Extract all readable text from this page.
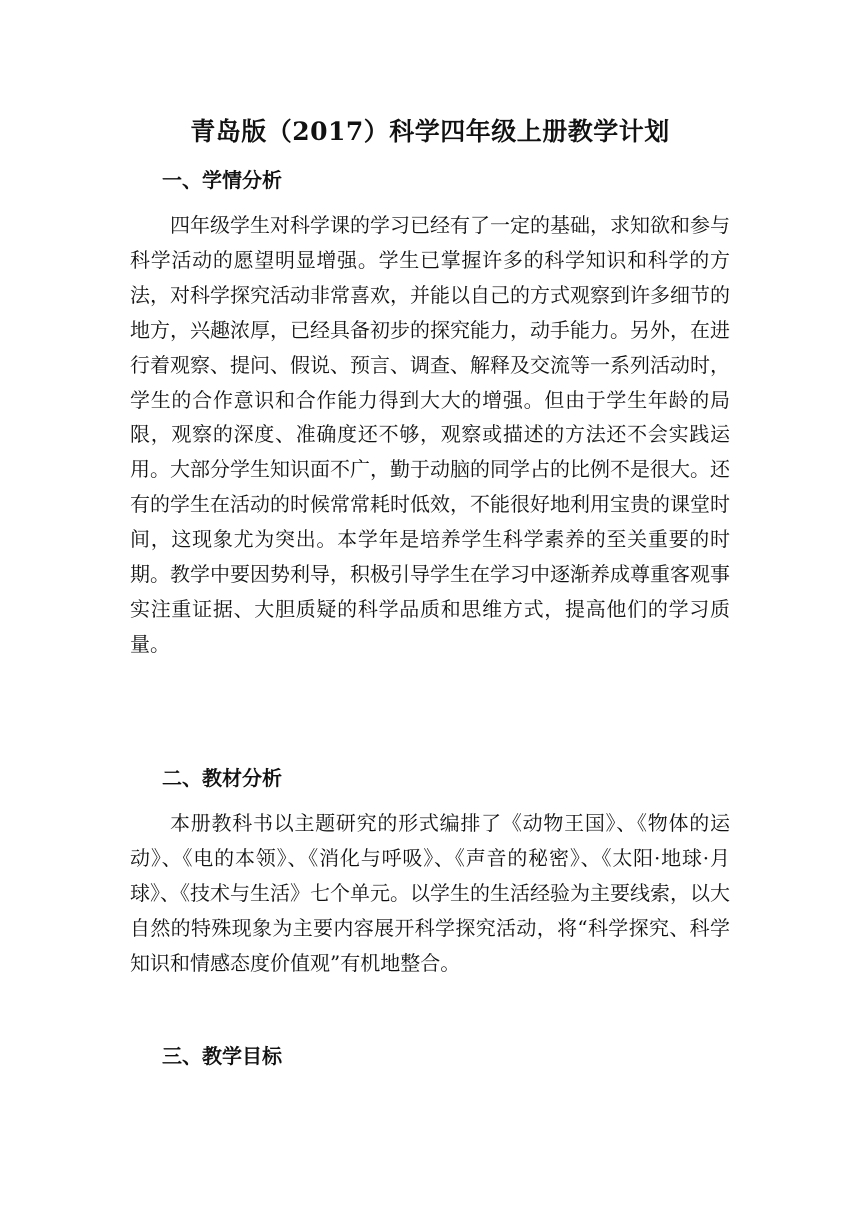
青岛版（2017）科学四年级上册教学计划
一、学情分析
四年级学生对科学课的学习已经有了一定的基础，求知欲和参与科学活动的愿望明显增强。学生已掌握许多的科学知识和科学的方法，对科学探究活动非常喜欢，并能以自己的方式观察到许多细节的地方，兴趣浓厚，已经具备初步的探究能力，动手能力。另外，在进行着观察、提问、假说、预言、调查、解释及交流等一系列活动时，学生的合作意识和合作能力得到大大的增强。但由于学生年龄的局限，观察的深度、准确度还不够，观察或描述的方法还不会实践运用。大部分学生知识面不广，勤于动脑的同学占的比例不是很大。还有的学生在活动的时候常常耗时低效，不能很好地利用宝贵的课堂时间，这现象尤为突出。本学年是培养学生科学素养的至关重要的时期。教学中要因势利导，积极引导学生在学习中逐渐养成尊重客观事实注重证据、大胆质疑的科学品质和思维方式，提高他们的学习质量。
二、教材分析
本册教科书以主题研究的形式编排了《动物王国》、《物体的运动》、《电的本领》、《消化与呼吸》、《声音的秘密》、《太阳·地球·月球》、《技术与生活》七个单元。以学生的生活经验为主要线索，以大自然的特殊现象为主要内容展开科学探究活动，将“科学探究、科学知识和情感态度价值观”有机地整合。
三、教学目标
